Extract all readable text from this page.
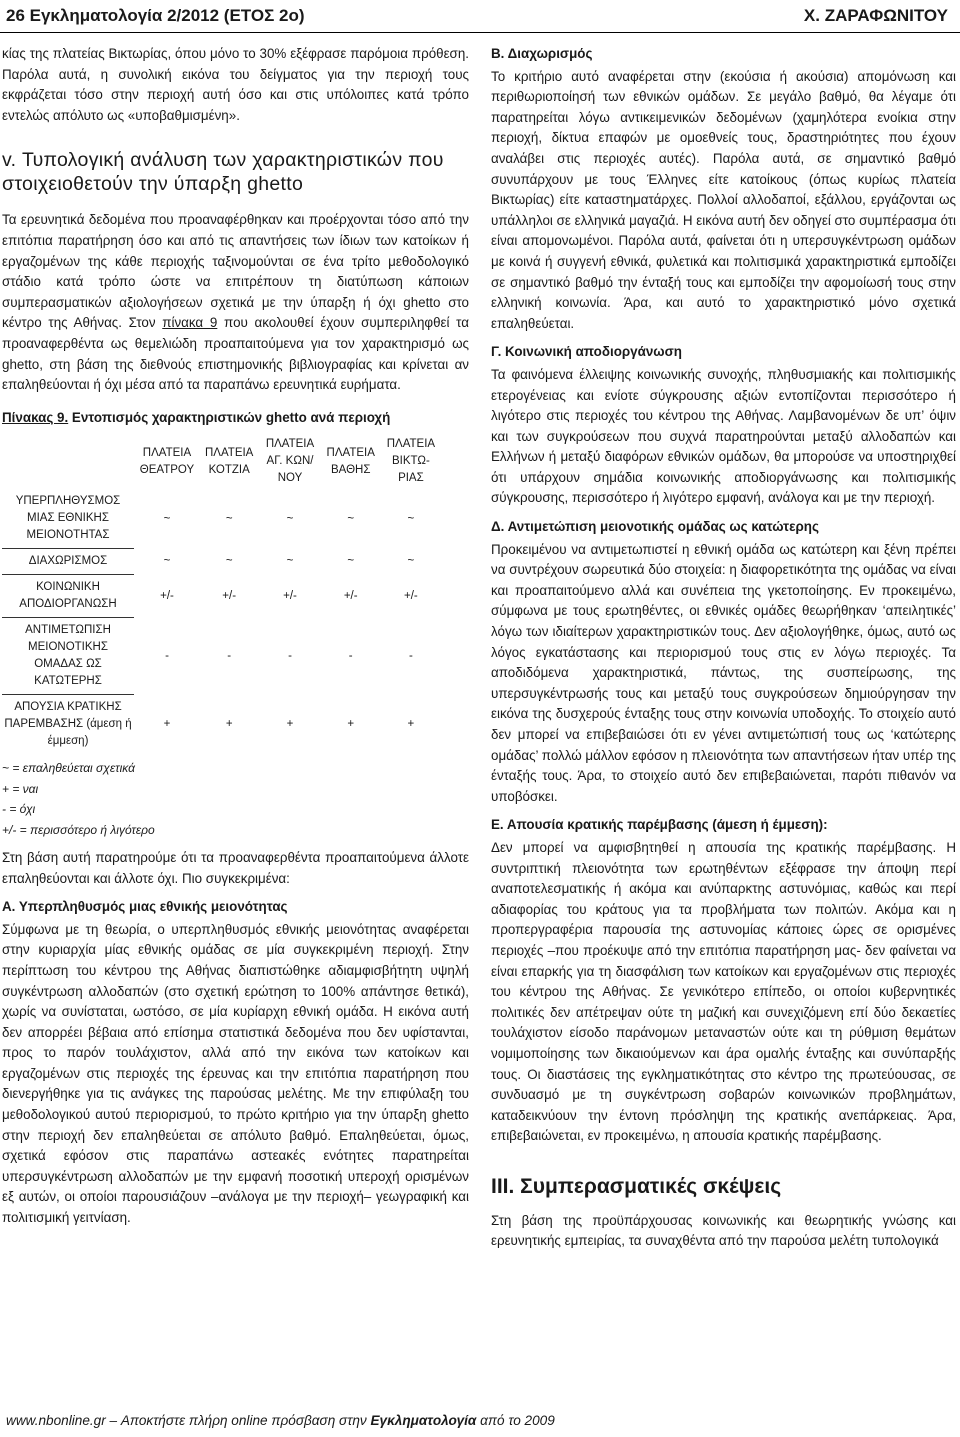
26 Εγκληματολογία 2/2012 (ΕΤΟΣ 2ο)	Χ. ΖΑΡΑΦΩΝΙΤΟΥ

κίας της πλατείας Βικτωρίας, όπου μόνο το 30% εξέφρασε παρόμοια πρόθεση. Παρόλα αυτά, η συνολική εικόνα του δείγματος για την περιοχή τους εκφράζεται τόσο στην περιοχή αυτή όσο και στις υπόλοιπες κατά τρόπο εντελώς απόλυτο ως «υποβαθμισμένη».

v. Τυπολογική ανάλυση των χαρακτηριστικών που στοιχειοθετούν την ύπαρξη ghetto

Τα ερευνητικά δεδομένα που προαναφέρθηκαν και προέρχονται τόσο από την επιτόπια παρατήρηση όσο και από τις απαντήσεις των ίδιων των κατοίκων ή εργαζομένων της κάθε περιοχής ταξινομούνται σε ένα τρίτο μεθοδολογικό στάδιο κατά τρόπο ώστε να επιτρέπουν τη διατύπωση κάποιων συμπερασματικών αξιολογήσεων σχετικά με την ύπαρξη ή όχι ghetto στο κέντρο της Αθήνας. Στον πίνακα 9 που ακολουθεί έχουν συμπεριληφθεί τα προαναφερθέντα ως θεμελιώδη προαπαιτούμενα για τον χαρακτηρισμό ως ghetto, στη βάση της διεθνούς επιστημονικής βιβλιογραφίας και κρίνεται αν επαληθεύονται ή όχι μέσα από τα παραπάνω ερευνητικά ευρήματα.

Πίνακας 9. Εντοπισμός χαρακτηριστικών ghetto ανά περιοχή
	ΠΛΑΤΕΙΑ ΘΕΑΤΡΟΥ	ΠΛΑΤΕΙΑ ΚΟΤΖΙΑ	ΠΛΑΤΕΙΑ ΑΓ. ΚΩΝ/ ΝΟΥ	ΠΛΑΤΕΙΑ ΒΑΘΗΣ	ΠΛΑΤΕΙΑ ΒΙΚΤΩ- ΡΙΑΣ
ΥΠΕΡΠΛΗΘΥΣΜΟΣ ΜΙΑΣ ΕΘΝΙΚΗΣ ΜΕΙΟΝΟΤΗΤΑΣ	~	~	~	~	~
ΔΙΑΧΩΡΙΣΜΟΣ	~	~	~	~	~
ΚΟΙΝΩΝΙΚΗ ΑΠΟΔΙΟΡΓΑΝΩΣΗ	+/-	+/-	+/-	+/-	+/-
ΑΝΤΙΜΕΤΩΠΙΣΗ ΜΕΙΟΝΟΤΙΚΗΣ ΟΜΑΔΑΣ ΩΣ ΚΑΤΩΤΕΡΗΣ	-	-	-	-	-
ΑΠΟΥΣΙΑ ΚΡΑΤΙΚΗΣ ΠΑΡΕΜΒΑΣΗΣ (άμεση ή έμμεση)	+	+	+	+	+
~ = επαληθεύεται σχετικά
+ = ναι
- = όχι
+/- = περισσότερο ή λιγότερο

Στη βάση αυτή παρατηρούμε ότι τα προαναφερθέντα προαπαιτούμενα άλλοτε επαληθεύονται και άλλοτε όχι. Πιο συγκεκριμένα:

Α. Υπερπληθυσμός μιας εθνικής μειονότητας

Σύμφωνα με τη θεωρία, ο υπερπληθυσμός εθνικής μειονότητας αναφέρεται στην κυριαρχία μίας εθνικής ομάδας σε μία συγκεκριμένη περιοχή. Στην περίπτωση του κέντρου της Αθήνας διαπιστώθηκε αδιαμφισβήτητη υψηλή συγκέντρωση αλλοδαπών (στο σχετική ερώτηση το 100% απάντησε θετικά), χωρίς να συνίσταται, ωστόσο, σε μία κυρίαρχη εθνική ομάδα. Η εικόνα αυτή δεν απορρέει βέβαια από επίσημα στατιστικά δεδομένα που δεν υφίστανται, προς το παρόν τουλάχιστον, αλλά από την εικόνα των κατοίκων και εργαζομένων στις περιοχές της έρευνας και την επιτόπια παρατήρηση που διενεργήθηκε για τις ανάγκες της παρούσας μελέτης. Με την επιφύλαξη του μεθοδολογικού αυτού περιορισμού, το πρώτο κριτήριο για την ύπαρξη ghetto στην περιοχή δεν επαληθεύεται σε απόλυτο βαθμό. Επαληθεύεται, όμως, σχετικά εφόσον στις παραπάνω αστεακές ενότητες παρατηρείται υπερσυγκέντρωση αλλοδαπών με την εμφανή ποσοτική υπεροχή ορισμένων εξ αυτών, οι οποίοι παρουσιάζουν –ανάλογα με την περιοχή– γεωγραφική και πολιτισμική γειτνίαση.

Β. Διαχωρισμός

Το κριτήριο αυτό αναφέρεται στην (εκούσια ή ακούσια) απομόνωση και περιθωριοποίησή των εθνικών ομάδων. Σε μεγάλο βαθμό, θα λέγαμε ότι παρατηρείται λόγω αντικειμενικών δεδομένων (χαμηλότερα ενοίκια στην περιοχή, δίκτυα επαφών με ομοεθνείς τους, δραστηριότητες που έχουν αναλάβει στις περιοχές αυτές). Παρόλα αυτά, σε σημαντικό βαθμό συνυπάρχουν με τους Έλληνες είτε κατοίκους (όπως κυρίως πλατεία Βικτωρίας) είτε καταστηματάρχες. Πολλοί αλλοδαποί, εξάλλου, εργάζονται ως υπάλληλοι σε ελληνικά μαγαζιά. Η εικόνα αυτή δεν οδηγεί στο συμπέρασμα ότι είναι απομονωμένοι. Παρόλα αυτά, φαίνεται ότι η υπερσυγκέντρωση ομάδων με κοινά ή συγγενή εθνικά, φυλετικά και πολιτισμικά χαρακτηριστικά εμποδίζει σε σημαντικό βαθμό την ένταξή τους και εμποδίζει την αφομοίωσή τους στην ελληνική κοινωνία. Άρα, και αυτό το χαρακτηριστικό μόνο σχετικά επαληθεύεται.

Γ. Κοινωνική αποδιοργάνωση

Τα φαινόμενα έλλειψης κοινωνικής συνοχής, πληθυσμιακής και πολιτισμικής ετερογένειας και ενίοτε σύγκρουσης αξιών εντοπίζονται περισσότερο ή λιγότερο στις περιοχές του κέντρου της Αθήνας. Λαμβανομένων δε υπ’ όψιν και των συγκρούσεων που συχνά παρατηρούνται μεταξύ αλλοδαπών και Ελλήνων ή μεταξύ διαφόρων εθνικών ομάδων, θα μπορούσε να υποστηριχθεί ότι υπάρχουν σημάδια κοινωνικής αποδιοργάνωσης και πολιτισμικής σύγκρουσης, περισσότερο ή λιγότερο εμφανή, ανάλογα και με την περιοχή.

Δ. Αντιμετώπιση μειονοτικής ομάδας ως κατώτερης

Προκειμένου να αντιμετωπιστεί η εθνική ομάδα ως κατώτερη και ξένη πρέπει να συντρέχουν σωρευτικά δύο στοιχεία: η διαφορετικότητα της ομάδας να είναι και προαπαιτούμενο αλλά και συνέπεια της γκετοποίησης. Εν προκειμένω, σύμφωνα με τους ερωτηθέντες, οι εθνικές ομάδες θεωρήθηκαν ‘απειλητικές’ λόγω των ιδιαίτερων χαρακτηριστικών τους. Δεν αξιολογήθηκε, όμως, αυτό ως λόγος εγκατάστασης και περιορισμού τους στις εν λόγω περιοχές. Τα αποδιδόμενα χαρακτηριστικά, πάντως, της συσπείρωσης, της υπερσυγκέντρωσής τους και μεταξύ τους συγκρούσεων δημιούργησαν την εικόνα της δυσχερούς ένταξης τους στην κοινωνία υποδοχής. Το στοιχείο αυτό δεν μπορεί να επιβεβαιώσει ότι εν γένει αντιμετώπισή τους ως ‘κατώτερης ομάδας’ πολλώ μάλλον εφόσον η πλειονότητα των απαντήσεων ήταν υπέρ της ένταξής τους. Άρα, το στοιχείο αυτό δεν επιβεβαιώνεται, παρότι πιθανόν να υποβόσκει.

Ε. Απουσία κρατικής παρέμβασης (άμεση ή έμμεση):

Δεν μπορεί να αμφισβητηθεί η απουσία της κρατικής παρέμβασης. Η συντριπτική πλειονότητα των ερωτηθέντων εξέφρασε την άποψη περί αναποτελεσματικής ή ακόμα και ανύπαρκτης αστυνόμιας, καθώς και περί αδιαφορίας του κράτους για τα προβλήματα των πολιτών. Ακόμα και η προπεργραφέρια παρουσία της αστυνομίας κάποιες ώρες σε ορισμένες περιοχές –που προέκυψε από την επιτόπια παρατήρηση μας- δεν φαίνεται να είναι επαρκής για τη διασφάλιση των κατοίκων και εργαζομένων στις περιοχές του κέντρου της Αθήνας. Σε γενικότερο επίπεδο, οι οποίοι κυβερνητικές πολιτικές δεν απέτρεψαν ούτε τη μαζική και συνεχιζόμενη επί δύο δεκαετίες τουλάχιστον είσοδο παράνομων μεταναστών ούτε και τη ρύθμιση θεμάτων νομιμοποίησης των δικαιούμενων και άρα ομαλής ένταξης και συνύπαρξής τους. Οι διαστάσεις της εγκληματικότητας στο κέντρο της πρωτεύουσας, σε συνδυασμό με τη συγκέντρωση σοβαρών κοινωνικών προβλημάτων, καταδεικνύουν την έντονη πρόσληψη της κρατικής ανεπάρκειας. Άρα, επιβεβαιώνεται, εν προκειμένω, η απουσία κρατικής παρέμβασης.

III. Συμπερασματικές σκέψεις

Στη βάση της προϋπάρχουσας κοινωνικής και θεωρητικής γνώσης και ερευνητικής εμπειρίας, τα συναχθέντα από την παρούσα μελέτη τυπολογικά

www.nbonline.gr – Αποκτήστε πλήρη online πρόσβαση στην Εγκληματολογία από το 2009
